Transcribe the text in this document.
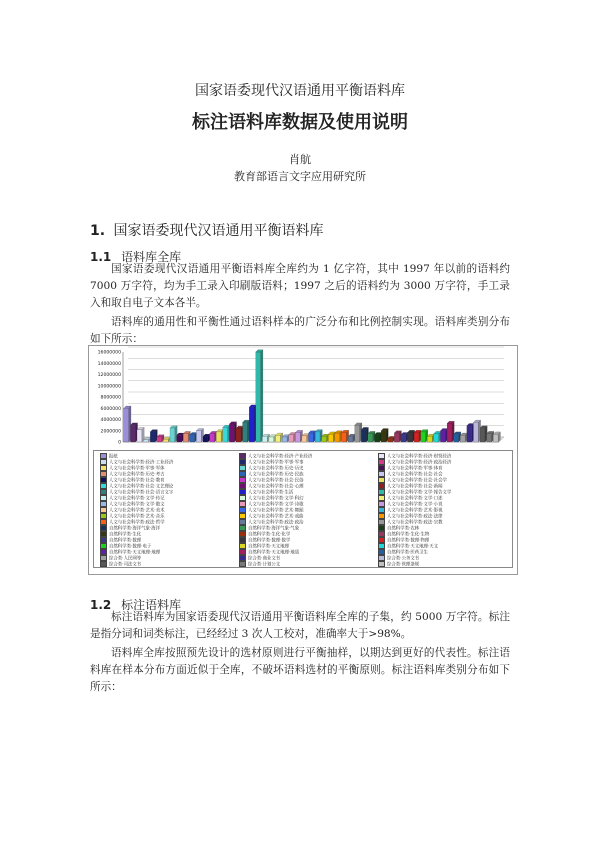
国家语委现代汉语通用平衡语料库
标注语料库数据及使用说明
肖航
教育部语言文字应用研究所
1. 国家语委现代汉语通用平衡语料库
1.1 语料库全库

国家语委现代汉语通用平衡语料库全库约为 1 亿字符，其中 1997 年以前的语料约 7000 万字符，均为手工录入印刷版语料；1997 之后的语料约为 3000 万字符，手工录入和取自电子文本各半。

语料库的通用性和平衡性通过语料样本的广泛分布和比例控制实现。语料库类别分布如下所示：

16000000
14000000
12000000
10000000
8000000
6000000
4000000
2000000
0
报纸	人文与社会科学类·经济·产业经济	人文与社会科学类·经济·财贸经济
人文与社会科学类·经济·工业经济	人文与社会科学类·军事·军事	人文与社会科学类·经济·政治经济
人文与社会科学类·军事·军体	人文与社会科学类·历史·历史	人文与社会科学类·军事·体育
人文与社会科学类·历史·考古	人文与社会科学类·历史·民族	人文与社会科学类·社会·社会
人文与社会科学类·社会·教育	人文与社会科学类·社会·民俗	人文与社会科学类·社会·社会学
人文与社会科学类·社会·文艺理论	人文与社会科学类·社会·心理	人文与社会科学类·社会·新闻
人文与社会科学类·社会·语言文字	人文与社会科学类·生活	人文与社会科学类·文学·報告文学
人文与社会科学类·文学·传记	人文与社会科学类·文学·科幻	人文与社会科学类·文学·口述
人文与社会科学类·文学·散文	人文与社会科学类·文学·诗歌	人文与社会科学类·文学·小说
人文与社会科学类·艺术·美术	人文与社会科学类·艺术·舞蹈	人文与社会科学类·艺术·影视
人文与社会科学类·艺术·音乐	人文与社会科学类·艺术·戏曲	人文与社会科学类·政法·法律
人文与社会科学类·政法·哲学	人文与社会科学类·政法·政治	人文与社会科学类·政法·宗教
自然科学类·海洋气象·海洋	自然科学类·海洋气象·气象	自然科学类·农林
自然科学类·生化	自然科学类·生化·化学	自然科学类·生化·生物
自然科学类·数理	自然科学类·数理·数学	自然科学类·数理·物理
自然科学类·数理·电子	自然科学类·天文地理	自然科学类·天文地理·天文
自然科学类·天文地理·地理	自然科学类·天文地理·地质	自然科学类·医药卫生
综合类·人民网等	综合类·商业文书	综合类·公务文书
综合类·司法文书	综合类·计划公文	综合类·管理条规
1.2 标注语料库

标注语料库为国家语委现代汉语通用平衡语料库全库的子集，约 5000 万字符。标注是指分词和词类标注，已经经过 3 次人工校对，准确率大于>98%。

语料库全库按照预先设计的选材原则进行平衡抽样，以期达到更好的代表性。标注语料库在样本分布方面近似于全库，不破坏语料选材的平衡原则。标注语料库类别分布如下所示：
